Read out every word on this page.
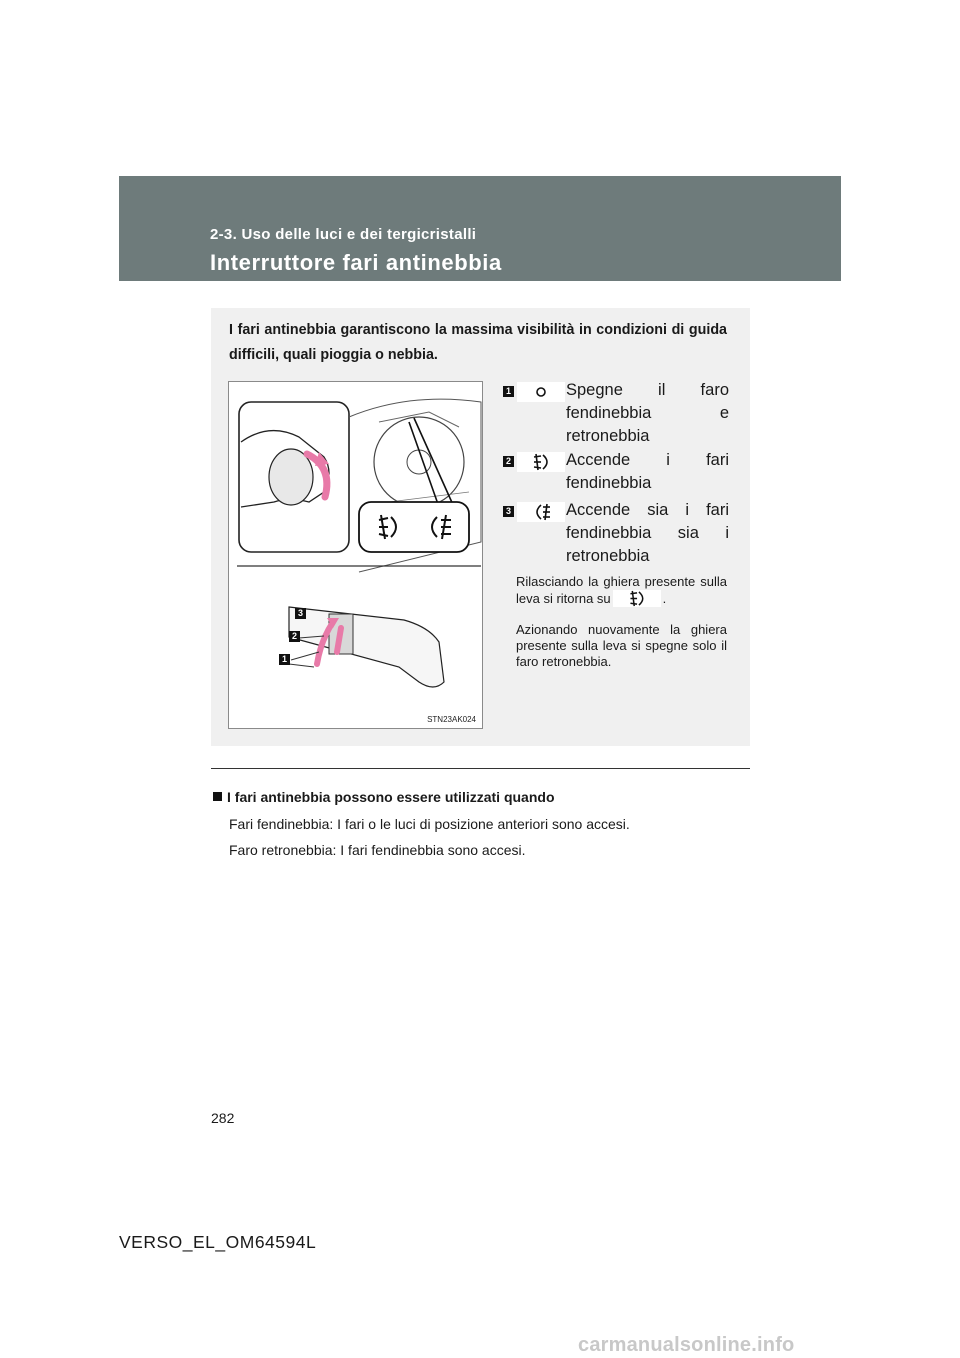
2-3. Uso delle luci e dei tergicristalli
Interruttore fari antinebbia
I fari antinebbia garantiscono la massima visibilità in condizioni di guida difficili, quali pioggia o nebbia.
3
2
1
STN23AK024
1	Spegne il faro fendinebbia e retronebbia
2	Accende i fari fendinebbia
3	Accende sia i fari fendinebbia sia i retronebbia
Rilasciando la ghiera presente sulla leva si ritorna su	.
Azionando nuovamente la ghiera presente sulla leva si spegne solo il faro retronebbia.
I fari antinebbia possono essere utilizzati quando
Fari fendinebbia: I fari o le luci di posizione anteriori sono accesi.
Faro retronebbia: I fari fendinebbia sono accesi.
282
VERSO_EL_OM64594L
carmanualsonline.info
